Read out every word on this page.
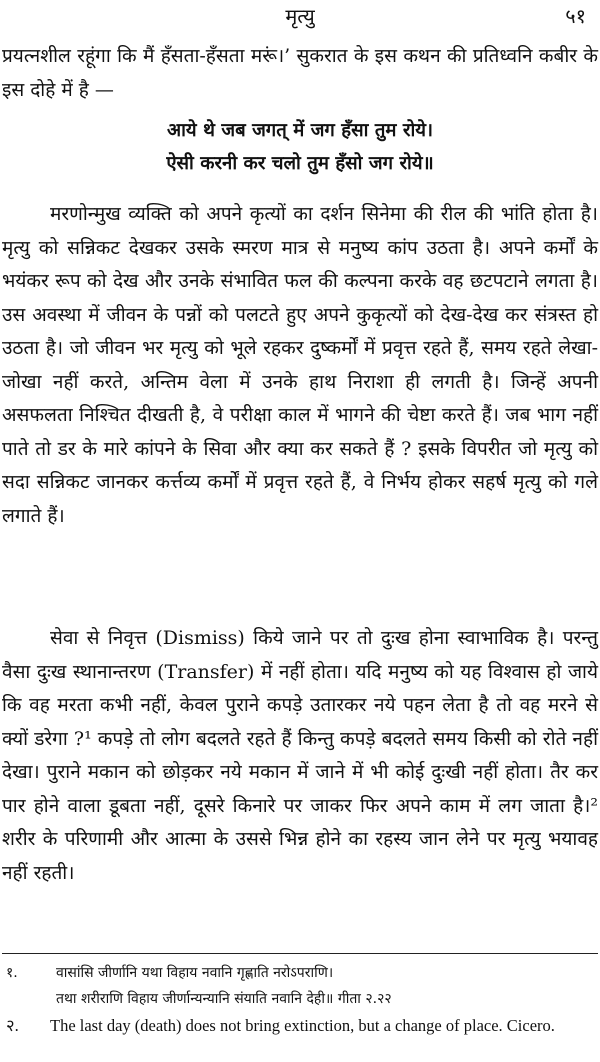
मृत्यु	५१

प्रयत्नशील रहूंगा कि मैं हँसता-हँसता मरूं।’ सुकरात के इस कथन की प्रतिध्वनि कबीर के इस दोहे में है —

आये थे जब जगत् में जग हँसा तुम रोये।
ऐसी करनी कर चलो तुम हँसो जग रोये॥

मरणोन्मुख व्यक्ति को अपने कृत्यों का दर्शन सिनेमा की रील की भांति होता है। मृत्यु को सन्निकट देखकर उसके स्मरण मात्र से मनुष्य कांप उठता है। अपने कर्मों के भयंकर रूप को देख और उनके संभावित फल की कल्पना करके वह छटपटाने लगता है। उस अवस्था में जीवन के पन्नों को पलटते हुए अपने कुकृत्यों को देख-देख कर संत्रस्त हो उठता है। जो जीवन भर मृत्यु को भूले रहकर दुष्कर्मों में प्रवृत्त रहते हैं, समय रहते लेखा-जोखा नहीं करते, अन्तिम वेला में उनके हाथ निराशा ही लगती है। जिन्हें अपनी असफलता निश्चित दीखती है, वे परीक्षा काल में भागने की चेष्टा करते हैं। जब भाग नहीं पाते तो डर के मारे कांपने के सिवा और क्या कर सकते हैं ? इसके विपरीत जो मृत्यु को सदा सन्निकट जानकर कर्त्तव्य कर्मों में प्रवृत्त रहते हैं, वे निर्भय होकर सहर्ष मृत्यु को गले लगाते हैं।

सेवा से निवृत्त (Dismiss) किये जाने पर तो दुःख होना स्वाभाविक है। परन्तु वैसा दुःख स्थानान्तरण (Transfer) में नहीं होता। यदि मनुष्य को यह विश्वास हो जाये कि वह मरता कभी नहीं, केवल पुराने कपड़े उतारकर नये पहन लेता है तो वह मरने से क्यों डरेगा ?¹ कपड़े तो लोग बदलते रहते हैं किन्तु कपड़े बदलते समय किसी को रोते नहीं देखा। पुराने मकान को छोड़कर नये मकान में जाने में भी कोई दुःखी नहीं होता। तैर कर पार होने वाला डूबता नहीं, दूसरे किनारे पर जाकर फिर अपने काम में लग जाता है।² शरीर के परिणामी और आत्मा के उससे भिन्न होने का रहस्य जान लेने पर मृत्यु भयावह नहीं रहती।

१.	वासांसि जीर्णानि यथा विहाय नवानि गृह्णाति नरोऽपराणि।
तथा शरीराणि विहाय जीर्णान्यन्यानि संयाति नवानि देही॥ गीता २.२२
२. The last day (death) does not bring extinction, but a change of place. Cicero.
